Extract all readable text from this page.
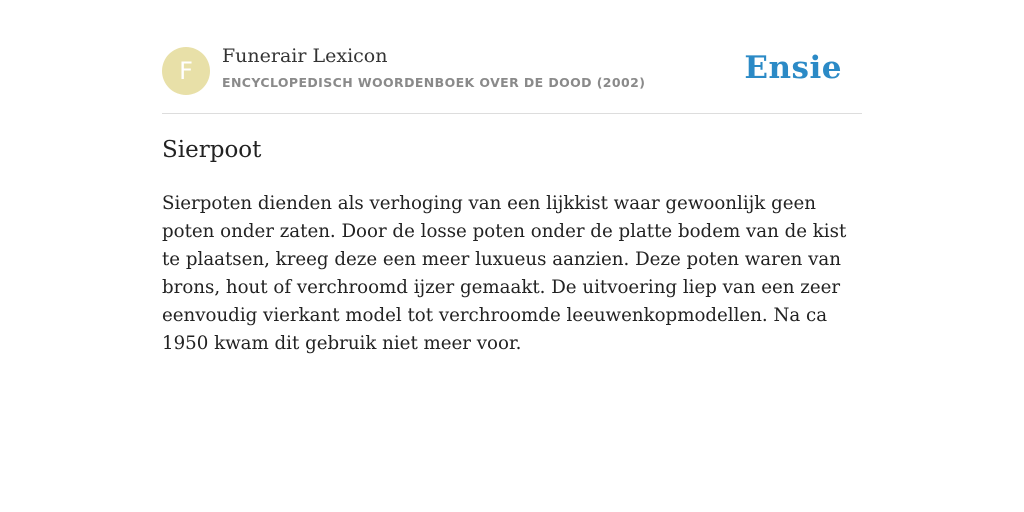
F
Funerair Lexicon
ENCYCLOPEDISCH WOORDENBOEK OVER DE DOOD (2002)	Ensie
Sierpoot

Sierpoten dienden als verhoging van een lijkkist waar gewoonlijk geen poten onder zaten. Door de losse poten onder de platte bodem van de kist te plaatsen, kreeg deze een meer luxueus aanzien. Deze poten waren van brons, hout of verchroomd ijzer gemaakt. De uitvoering liep van een zeer eenvoudig vierkant model tot verchroomde leeuwenkopmodellen. Na ca 1950 kwam dit gebruik niet meer voor.
